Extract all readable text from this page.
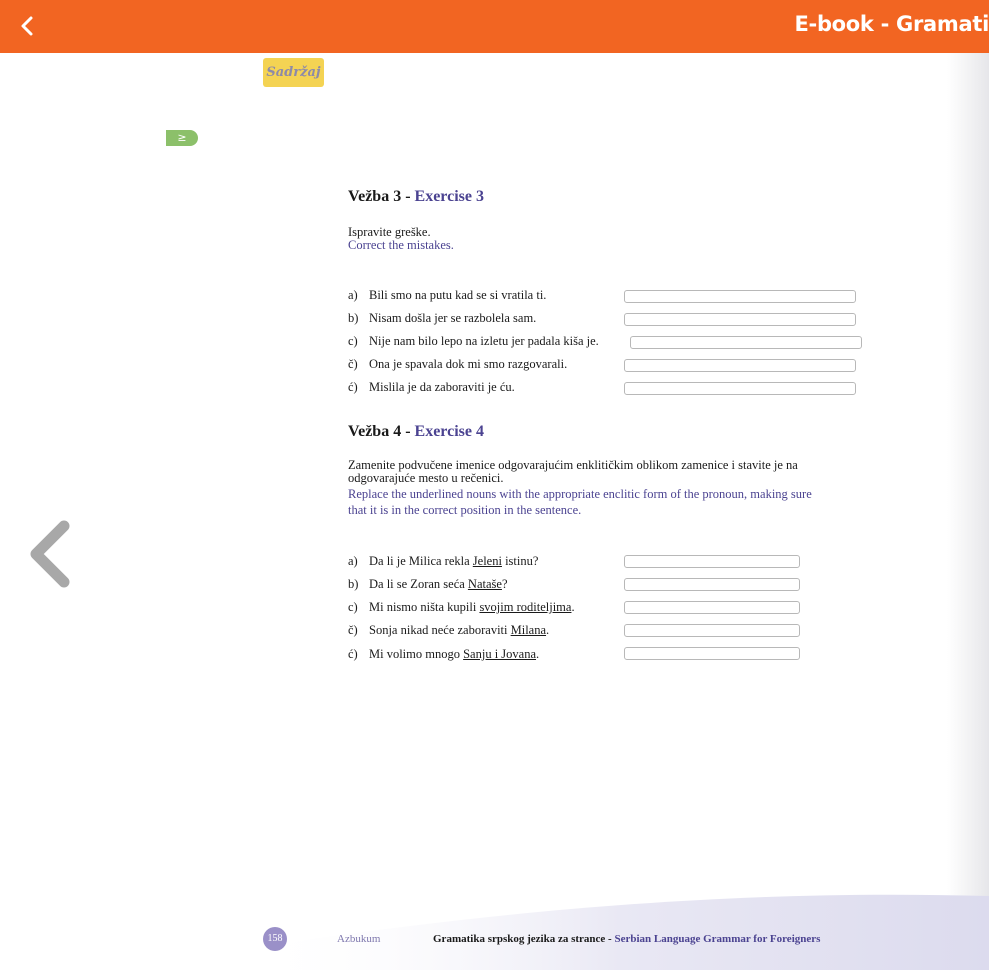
E-book - Gramati
Sadržaj
≥
Vežba 3 - Exercise 3
Ispravite greške.
Correct the mistakes.
a) Bili smo na putu kad se si vratila ti.
b) Nisam došla jer se razbolela sam.
c) Nije nam bilo lepo na izletu jer padala kiša je.
č) Ona je spavala dok mi smo razgovarali.
ć) Mislila je da zaboraviti je ću.
Vežba 4 - Exercise 4
Zamenite podvučene imenice odgovarajućim enklitičkim oblikom zamenice i stavite je na
odgovarajuće mesto u rečenici.
Replace the underlined nouns with the appropriate enclitic form of the pronoun, making sure
that it is in the correct position in the sentence.
a) Da li je Milica rekla Jeleni istinu?
b) Da li se Zoran seća Nataše?
c) Mi nismo ništa kupili svojim roditeljima.
č) Sonja nikad neće zaboraviti Milana.
ć) Mi volimo mnogo Sanju i Jovana.
158	Azbukum	Gramatika srpskog jezika za strance - Serbian Language Grammar for Foreigners
